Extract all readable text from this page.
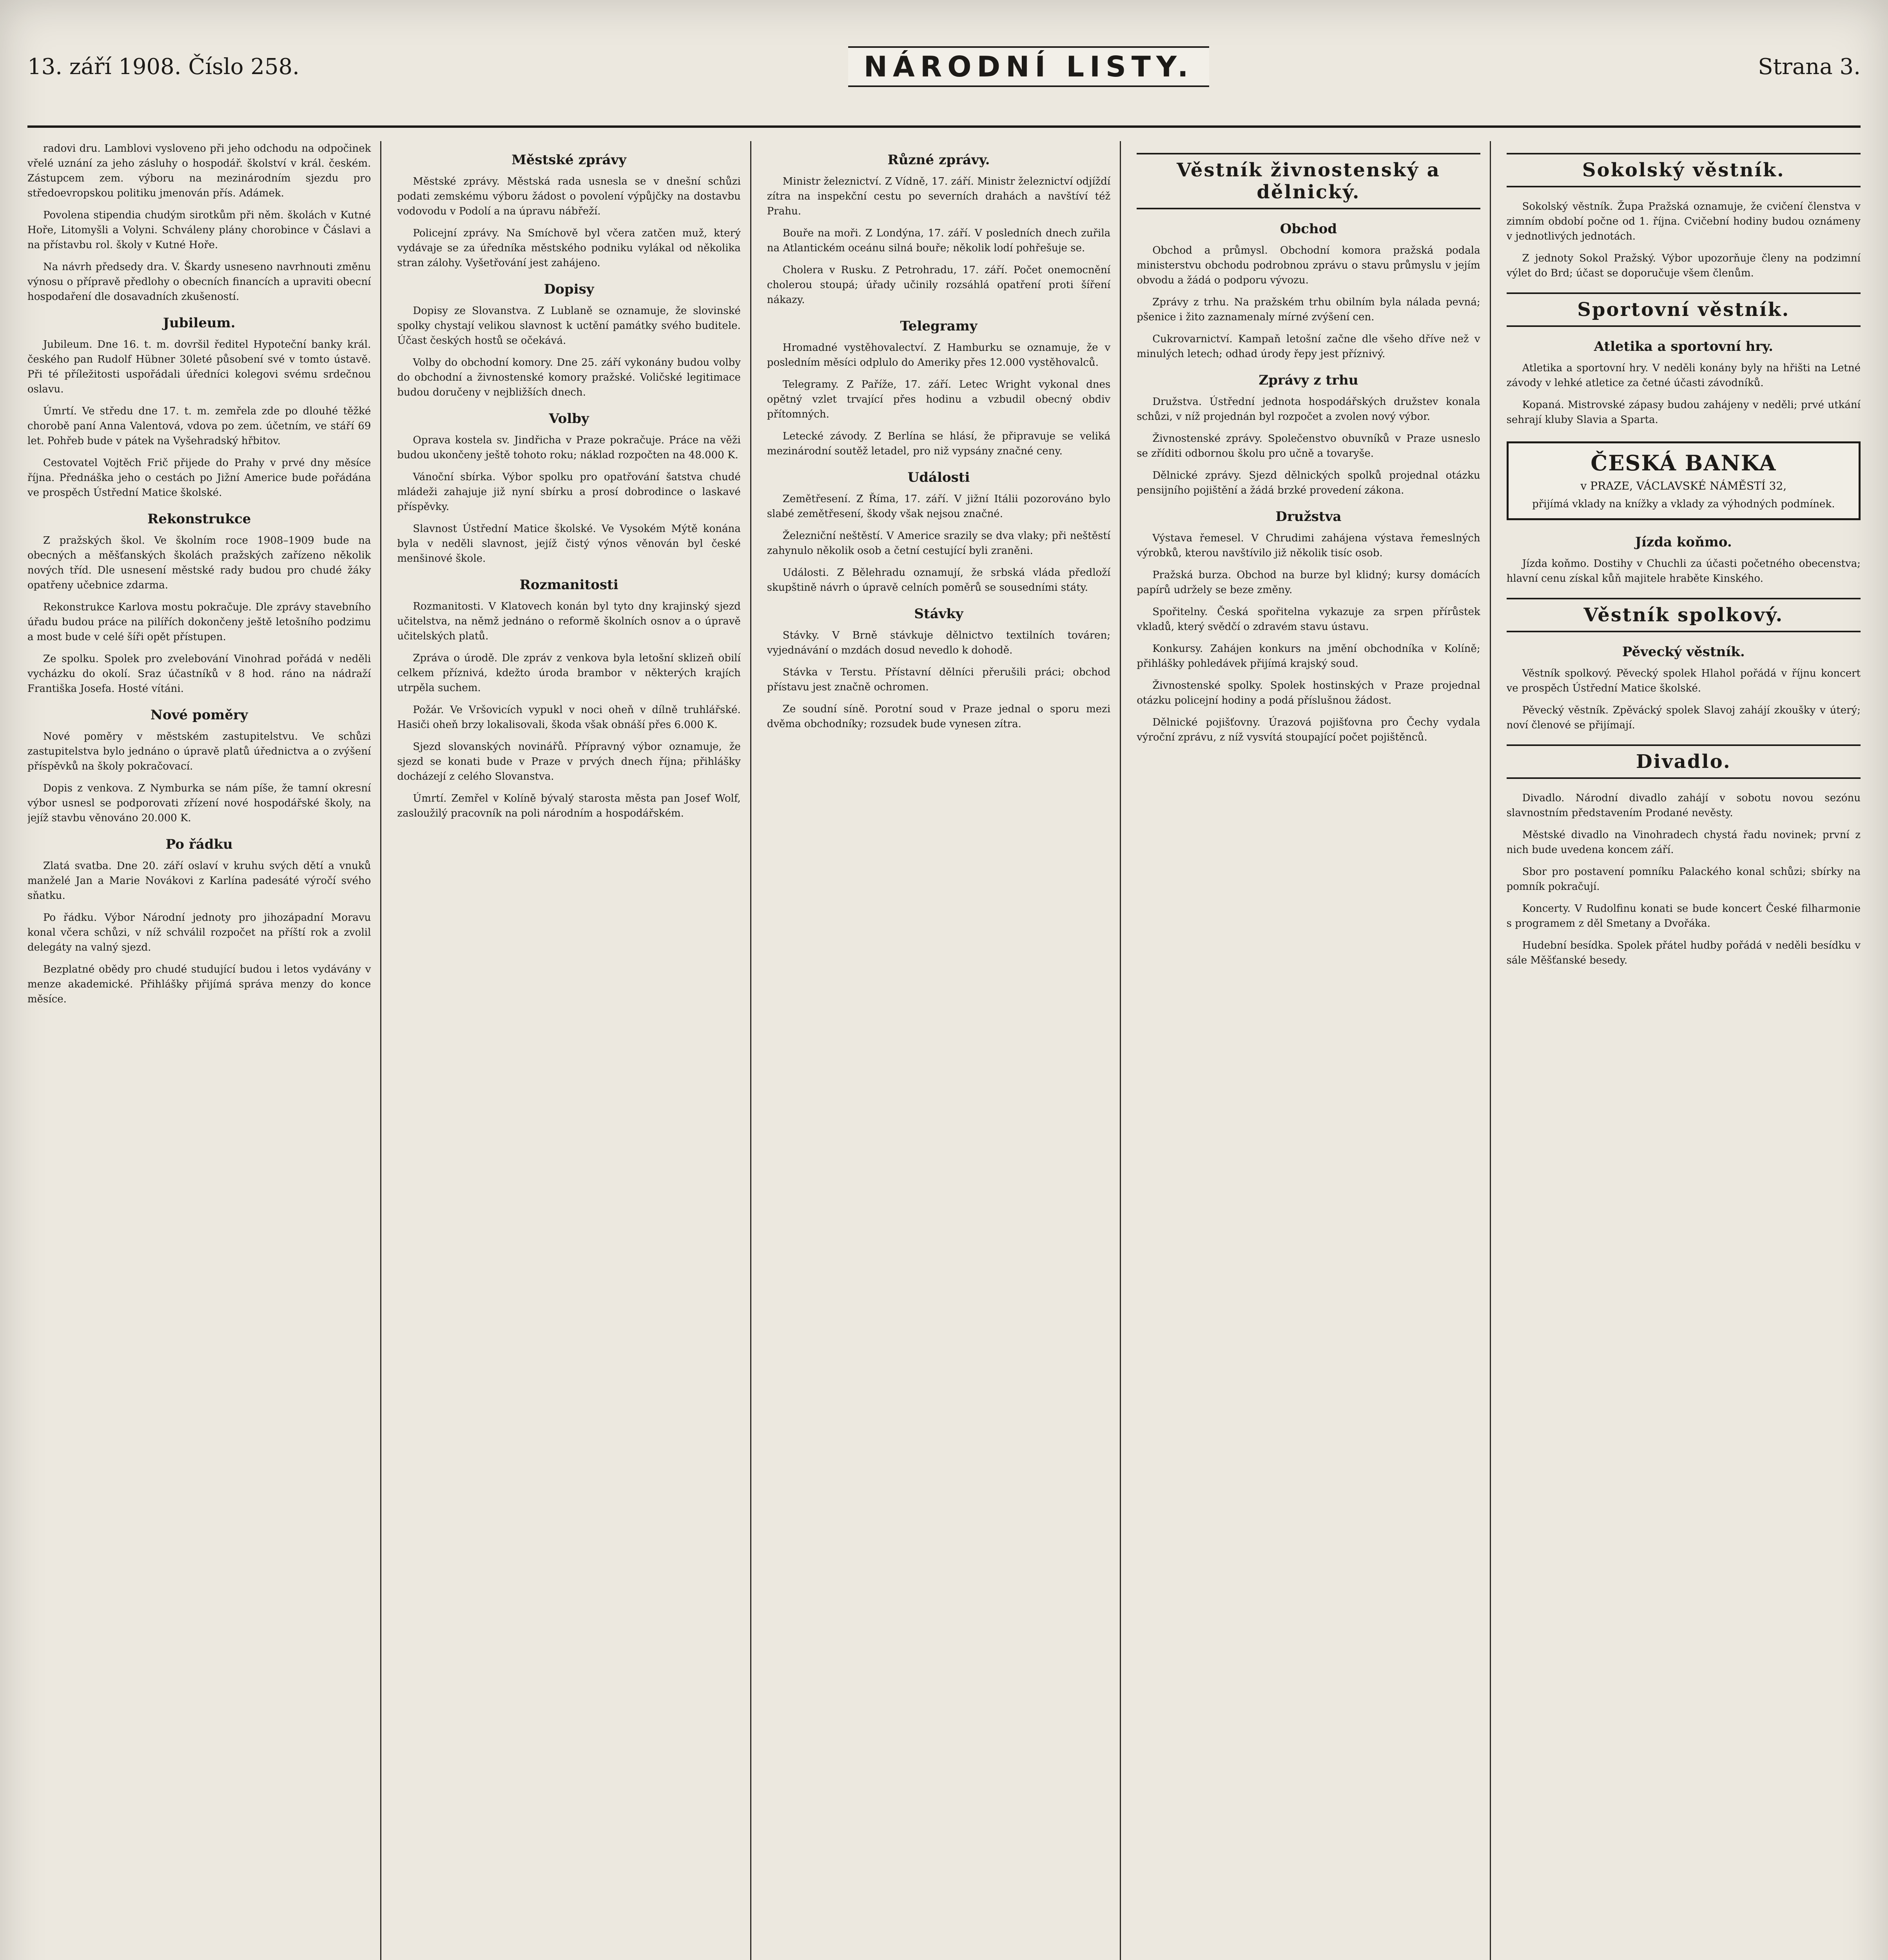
13. září 1908. Číslo 258.	NÁRODNÍ LISTY.	Strana 3.

radovi dru. Lamblovi vysloveno při jeho odchodu na odpočinek vřelé uznání za jeho zásluhy o hospodář. školství v král. českém. Zástupcem zem. výboru na mezinárodním sjezdu pro středoevropskou politiku jmenován přís. Adámek.

Povolena stipendia chudým sirotkům při něm. školách v Kutné Hoře, Litomyšli a Volyni. Schváleny plány chorobince v Čáslavi a na přístavbu rol. školy v Kutné Hoře.

Na návrh předsedy dra. V. Škardy usneseno navrhnouti změnu výnosu o přípravě předlohy o obecních financích a upraviti obecní hospodaření dle dosavadních zkušeností.

Jubileum.

Jubileum. Dne 16. t. m. dovršil ředitel Hypoteční banky král. českého pan Rudolf Hübner 30leté působení své v tomto ústavě. Při té příležitosti uspořádali úředníci kolegovi svému srdečnou oslavu.

Úmrtí. Ve středu dne 17. t. m. zemřela zde po dlouhé těžké chorobě paní Anna Valentová, vdova po zem. účetním, ve stáří 69 let. Pohřeb bude v pátek na Vyšehradský hřbitov.

Cestovatel Vojtěch Frič přijede do Prahy v prvé dny měsíce října. Přednáška jeho o cestách po Jižní Americe bude pořádána ve prospěch Ústřední Matice školské.

Rekonstrukce

Z pražských škol. Ve školním roce 1908–1909 bude na obecných a měšťanských školách pražských zařízeno několik nových tříd. Dle usnesení městské rady budou pro chudé žáky opatřeny učebnice zdarma.

Rekonstrukce Karlova mostu pokračuje. Dle zprávy stavebního úřadu budou práce na pilířích dokončeny ještě letošního podzimu a most bude v celé šíři opět přístupen.

Ze spolku. Spolek pro zvelebování Vinohrad pořádá v neděli vycházku do okolí. Sraz účastníků v 8 hod. ráno na nádraží Františka Josefa. Hosté vítáni.

Nové poměry

Nové poměry v městském zastupitelstvu. Ve schůzi zastupitelstva bylo jednáno o úpravě platů úřednictva a o zvýšení příspěvků na školy pokračovací.

Dopis z venkova. Z Nymburka se nám píše, že tamní okresní výbor usnesl se podporovati zřízení nové hospodářské školy, na jejíž stavbu věnováno 20.000 K.

Po řádku

Zlatá svatba. Dne 20. září oslaví v kruhu svých dětí a vnuků manželé Jan a Marie Novákovi z Karlína padesáté výročí svého sňatku.

Po řádku. Výbor Národní jednoty pro jihozápadní Moravu konal včera schůzi, v níž schválil rozpočet na příští rok a zvolil delegáty na valný sjezd.

Bezplatné obědy pro chudé studující budou i letos vydávány v menze akademické. Přihlášky přijímá správa menzy do konce měsíce.

Městské zprávy

Městské zprávy. Městská rada usnesla se v dnešní schůzi podati zemskému výboru žádost o povolení výpůjčky na dostavbu vodovodu v Podolí a na úpravu nábřeží.

Policejní zprávy. Na Smíchově byl včera zatčen muž, který vydávaje se za úředníka městského podniku vylákal od několika stran zálohy. Vyšetřování jest zahájeno.

Dopisy

Dopisy ze Slovanstva. Z Lublaně se oznamuje, že slovinské spolky chystají velikou slavnost k uctění památky svého buditele. Účast českých hostů se očekává.

Volby do obchodní komory. Dne 25. září vykonány budou volby do obchodní a živnostenské komory pražské. Voličské legitimace budou doručeny v nejbližších dnech.

Volby

Oprava kostela sv. Jindřicha v Praze pokračuje. Práce na věži budou ukončeny ještě tohoto roku; náklad rozpočten na 48.000 K.

Vánoční sbírka. Výbor spolku pro opatřování šatstva chudé mládeži zahajuje již nyní sbírku a prosí dobrodince o laskavé příspěvky.

Slavnost Ústřední Matice školské. Ve Vysokém Mýtě konána byla v neděli slavnost, jejíž čistý výnos věnován byl české menšinové škole.

Rozmanitosti

Rozmanitosti. V Klatovech konán byl tyto dny krajinský sjezd učitelstva, na němž jednáno o reformě školních osnov a o úpravě učitelských platů.

Zpráva o úrodě. Dle zpráv z venkova byla letošní sklizeň obilí celkem příznivá, kdežto úroda brambor v některých krajích utrpěla suchem.

Požár. Ve Vršovicích vypukl v noci oheň v dílně truhlářské. Hasiči oheň brzy lokalisovali, škoda však obnáší přes 6.000 K.

Sjezd slovanských novinářů. Přípravný výbor oznamuje, že sjezd se konati bude v Praze v prvých dnech října; přihlášky docházejí z celého Slovanstva.

Úmrtí. Zemřel v Kolíně bývalý starosta města pan Josef Wolf, zasloužilý pracovník na poli národním a hospodářském.

Různé zprávy.

Ministr železnictví. Z Vídně, 17. září. Ministr železnictví odjíždí zítra na inspekční cestu po severních drahách a navštíví též Prahu.

Bouře na moři. Z Londýna, 17. září. V posledních dnech zuřila na Atlantickém oceánu silná bouře; několik lodí pohřešuje se.

Cholera v Rusku. Z Petrohradu, 17. září. Počet onemocnění cholerou stoupá; úřady učinily rozsáhlá opatření proti šíření nákazy.

Telegramy

Hromadné vystěhovalectví. Z Hamburku se oznamuje, že v posledním měsíci odplulo do Ameriky přes 12.000 vystěhovalců.

Telegramy. Z Paříže, 17. září. Letec Wright vykonal dnes opětný vzlet trvající přes hodinu a vzbudil obecný obdiv přítomných.

Letecké závody. Z Berlína se hlásí, že připravuje se veliká mezinárodní soutěž letadel, pro niž vypsány značné ceny.

Události

Zemětřesení. Z Říma, 17. září. V jižní Itálii pozorováno bylo slabé zemětřesení, škody však nejsou značné.

Železniční neštěstí. V Americe srazily se dva vlaky; při neštěstí zahynulo několik osob a četní cestující byli zraněni.

Události. Z Bělehradu oznamují, že srbská vláda předloží skupštině návrh o úpravě celních poměrů se sousedními státy.

Stávky

Stávky. V Brně stávkuje dělnictvo textilních továren; vyjednávání o mzdách dosud nevedlo k dohodě.

Stávka v Terstu. Přístavní dělníci přerušili práci; obchod přístavu jest značně ochromen.

Ze soudní síně. Porotní soud v Praze jednal o sporu mezi dvěma obchodníky; rozsudek bude vynesen zítra.

Věstník živnostenský a dělnický.
Obchod

Obchod a průmysl. Obchodní komora pražská podala ministerstvu obchodu podrobnou zprávu o stavu průmyslu v jejím obvodu a žádá o podporu vývozu.

Zprávy z trhu. Na pražském trhu obilním byla nálada pevná; pšenice i žito zaznamenaly mírné zvýšení cen.

Cukrovarnictví. Kampaň letošní začne dle všeho dříve než v minulých letech; odhad úrody řepy jest příznivý.

Zprávy z trhu

Družstva. Ústřední jednota hospodářských družstev konala schůzi, v níž projednán byl rozpočet a zvolen nový výbor.

Živnostenské zprávy. Společenstvo obuvníků v Praze usneslo se zříditi odbornou školu pro učně a tovaryše.

Dělnické zprávy. Sjezd dělnických spolků projednal otázku pensijního pojištění a žádá brzké provedení zákona.

Družstva

Výstava řemesel. V Chrudimi zahájena výstava řemeslných výrobků, kterou navštívilo již několik tisíc osob.

Pražská burza. Obchod na burze byl klidný; kursy domácích papírů udržely se beze změny.

Spořitelny. Česká spořitelna vykazuje za srpen přírůstek vkladů, který svědčí o zdravém stavu ústavu.

Konkursy. Zahájen konkurs na jmění obchodníka v Kolíně; přihlášky pohledávek přijímá krajský soud.

Živnostenské spolky. Spolek hostinských v Praze projednal otázku policejní hodiny a podá příslušnou žádost.

Dělnické pojišťovny. Úrazová pojišťovna pro Čechy vydala výroční zprávu, z níž vysvítá stoupající počet pojištěnců.

Sokolský věstník.

Sokolský věstník. Župa Pražská oznamuje, že cvičení členstva v zimním období počne od 1. října. Cvičební hodiny budou oznámeny v jednotlivých jednotách.

Z jednoty Sokol Pražský. Výbor upozorňuje členy na podzimní výlet do Brd; účast se doporučuje všem členům.

Sportovní věstník.
Atletika a sportovní hry.

Atletika a sportovní hry. V neděli konány byly na hřišti na Letné závody v lehké atletice za četné účasti závodníků.

Kopaná. Mistrovské zápasy budou zahájeny v neděli; prvé utkání sehrají kluby Slavia a Sparta.

ČESKÁ BANKA
v PRAZE, VÁCLAVSKÉ NÁMĚSTÍ 32,
přijímá vklady na knížky a vklady za výhodných podmínek.
Jízda koňmo.

Jízda koňmo. Dostihy v Chuchli za účasti početného obecenstva; hlavní cenu získal kůň majitele hraběte Kinského.

Věstník spolkový.
Pěvecký věstník.

Věstník spolkový. Pěvecký spolek Hlahol pořádá v říjnu koncert ve prospěch Ústřední Matice školské.

Pěvecký věstník. Zpěvácký spolek Slavoj zahájí zkoušky v úterý; noví členové se přijímají.

Divadlo.

Divadlo. Národní divadlo zahájí v sobotu novou sezónu slavnostním představením Prodané nevěsty.

Městské divadlo na Vinohradech chystá řadu novinek; první z nich bude uvedena koncem září.

Sbor pro postavení pomníku Palackého konal schůzi; sbírky na pomník pokračují.

Koncerty. V Rudolfinu konati se bude koncert České filharmonie s programem z děl Smetany a Dvořáka.

Hudební besídka. Spolek přátel hudby pořádá v neděli besídku v sále Měšťanské besedy.
